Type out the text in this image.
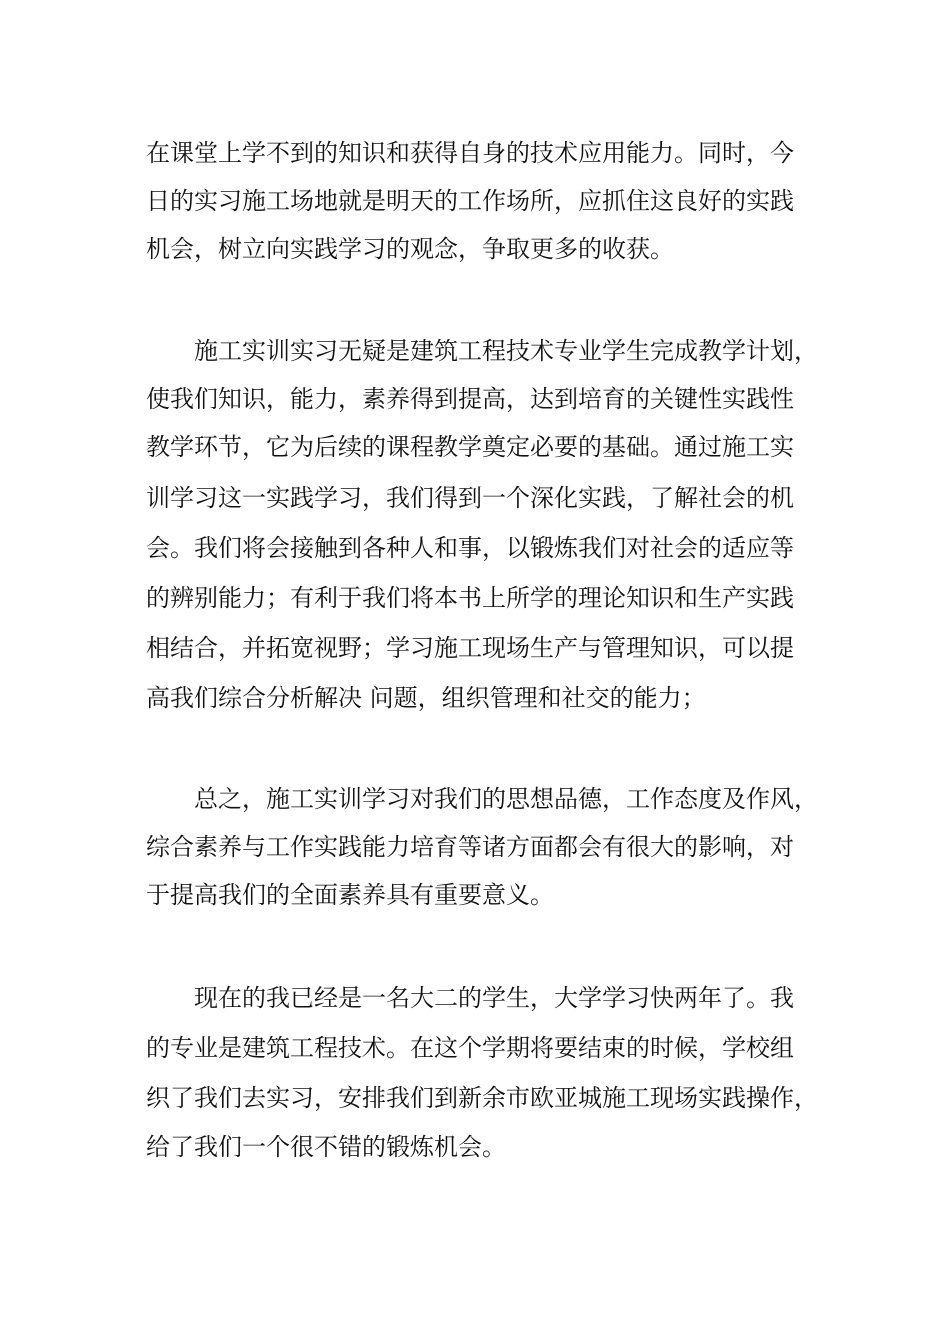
在课堂上学不到的知识和获得自身的技术应用能力。同时，今
日的实习施工场地就是明天的工作场所，应抓住这良好的实践
机会，树立向实践学习的观念，争取更多的收获。
施工实训实习无疑是建筑工程技术专业学生完成教学计划，
使我们知识，能力，素养得到提高，达到培育的关键性实践性
教学环节，它为后续的课程教学奠定必要的基础。通过施工实
训学习这一实践学习，我们得到一个深化实践，了解社会的机
会。我们将会接触到各种人和事，以锻炼我们对社会的适应等
的辨别能力；有利于我们将本书上所学的理论知识和生产实践
相结合，并拓宽视野；学习施工现场生产与管理知识，可以提
高我们综合分析解决 问题，组织管理和社交的能力；
总之，施工实训学习对我们的思想品德，工作态度及作风，
综合素养与工作实践能力培育等诸方面都会有很大的影响，对
于提高我们的全面素养具有重要意义。
现在的我已经是一名大二的学生，大学学习快两年了。我
的专业是建筑工程技术。在这个学期将要结束的时候，学校组
织了我们去实习，安排我们到新余市欧亚城施工现场实践操作，
给了我们一个很不错的锻炼机会。
